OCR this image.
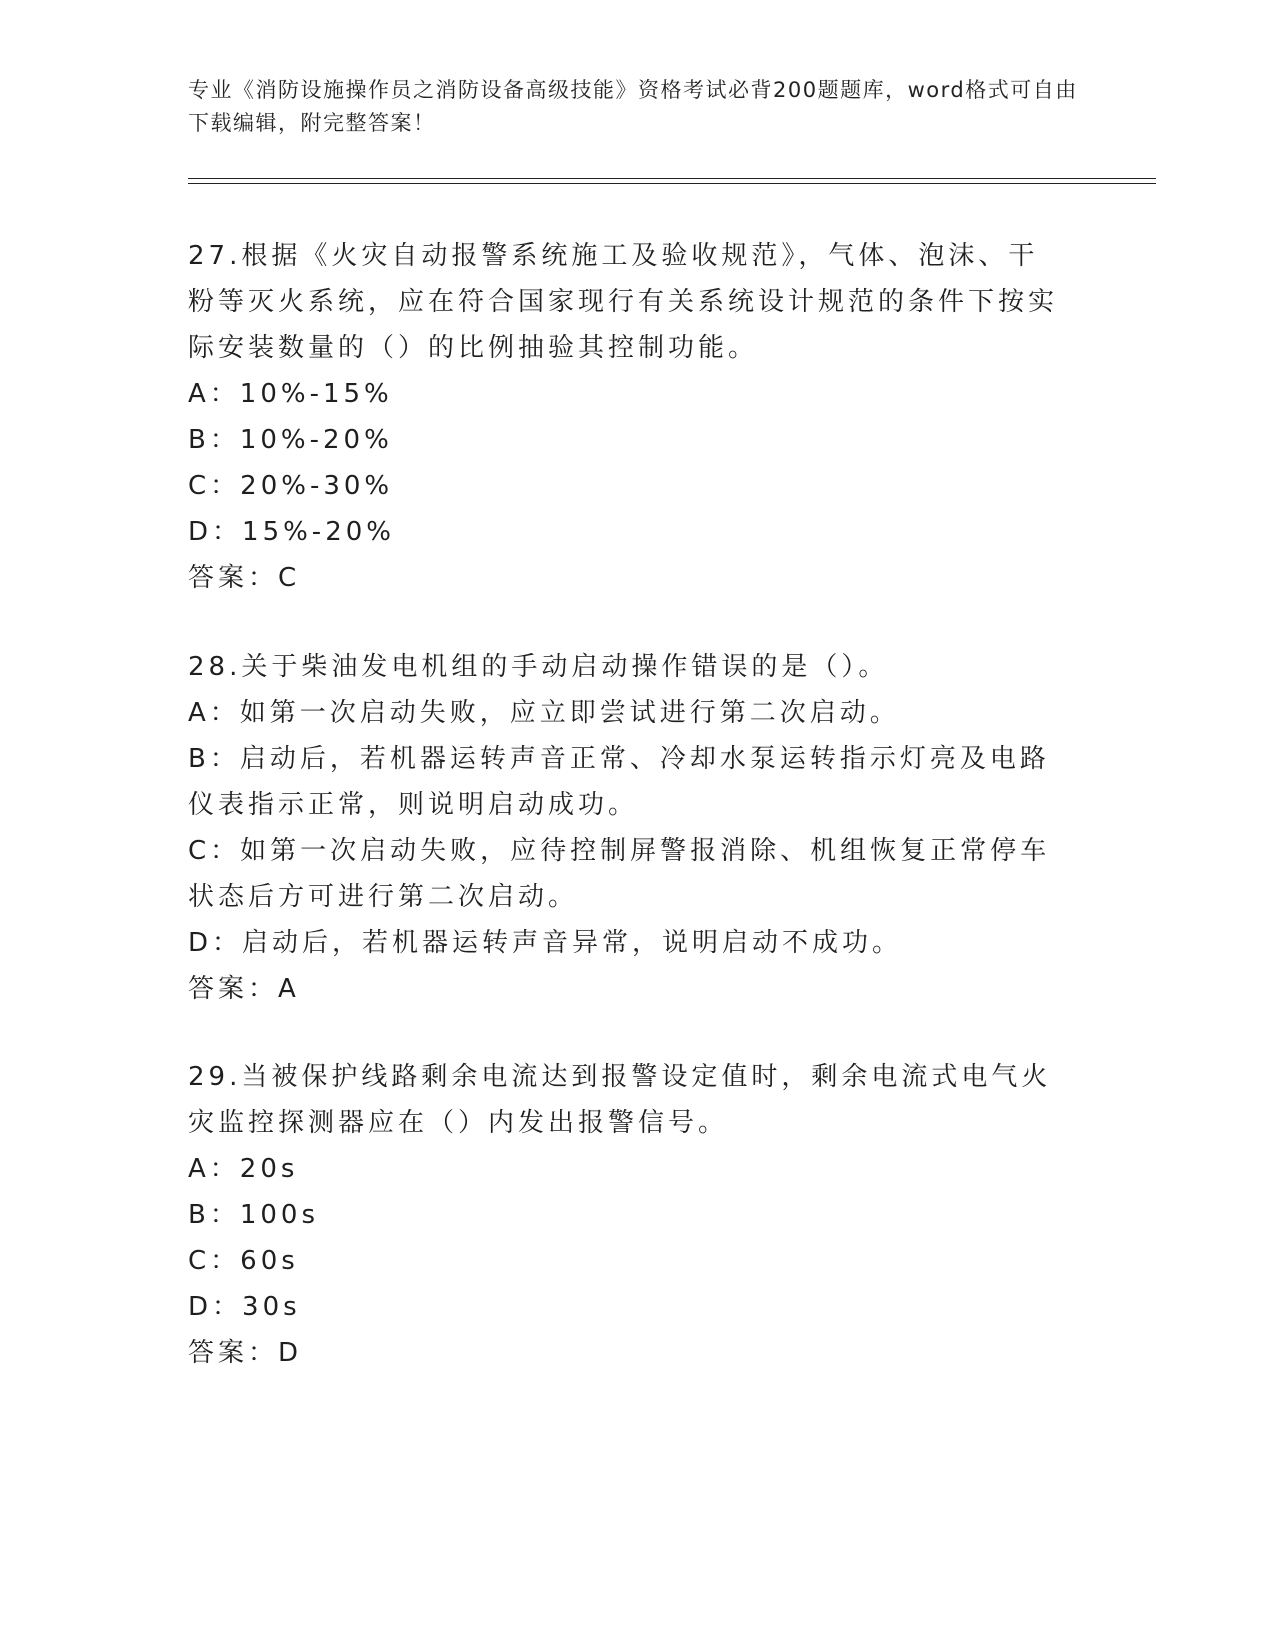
专业《消防设施操作员之消防设备高级技能》资格考试必背200题题库，word格式可自由下载编辑，附完整答案！

27.根据《火灾自动报警系统施工及验收规范》，气体、泡沫、干粉等灭火系统，应在符合国家现行有关系统设计规范的条件下按实际安装数量的（）的比例抽验其控制功能。

A：10%-15%

B：10%-20%

C：20%-30%

D：15%-20%

答案：C

28.关于柴油发电机组的手动启动操作错误的是（）。

A：如第一次启动失败，应立即尝试进行第二次启动。

B：启动后，若机器运转声音正常、冷却水泵运转指示灯亮及电路仪表指示正常，则说明启动成功。

C：如第一次启动失败，应待控制屏警报消除、机组恢复正常停车状态后方可进行第二次启动。

D：启动后，若机器运转声音异常，说明启动不成功。

答案：A

29.当被保护线路剩余电流达到报警设定值时，剩余电流式电气火灾监控探测器应在（）内发出报警信号。

A：20s

B：100s

C：60s

D：30s

答案：D
